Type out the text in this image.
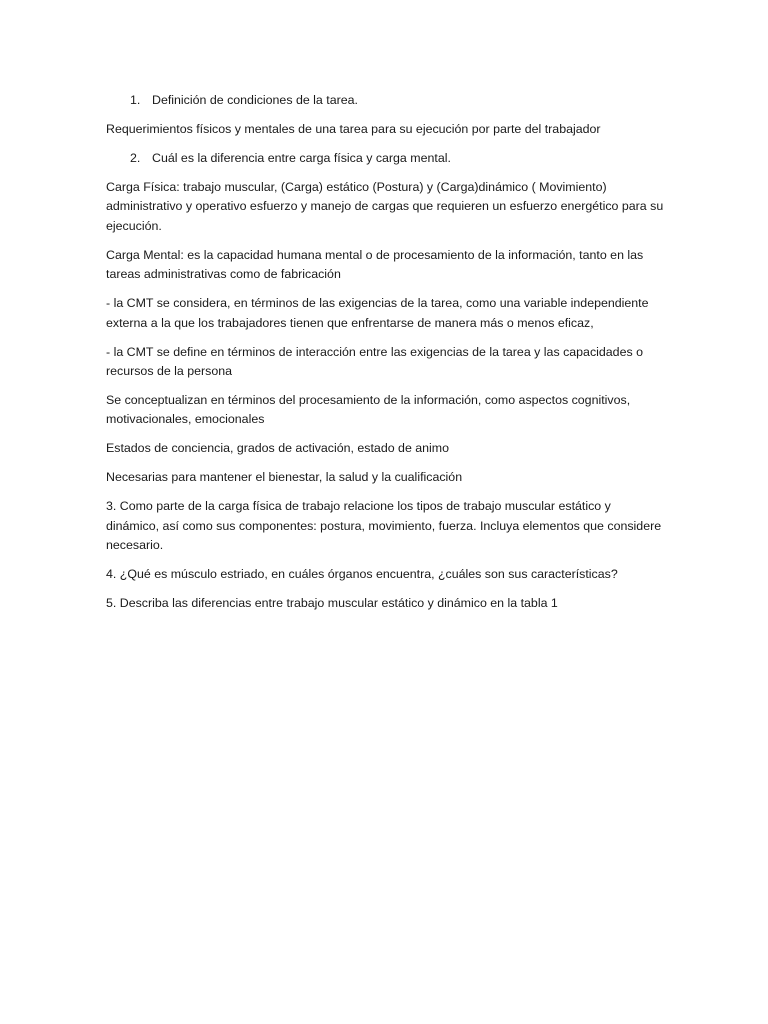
1. Definición de condiciones de la tarea.

Requerimientos físicos y mentales de una tarea para su ejecución por parte del trabajador

2. Cuál es la diferencia entre carga física y carga mental.

Carga Física: trabajo muscular, (Carga) estático (Postura) y (Carga)dinámico ( Movimiento) administrativo y operativo esfuerzo y manejo de cargas que requieren un esfuerzo energético para su ejecución.

Carga Mental: es la capacidad humana mental o de procesamiento de la información, tanto en las tareas administrativas como de fabricación

- la CMT se considera, en términos de las exigencias de la tarea, como una variable independiente externa a la que los trabajadores tienen que enfrentarse de manera más o menos eficaz,

- la CMT se define en términos de interacción entre las exigencias de la tarea y las capacidades o recursos de la persona

Se conceptualizan en términos del procesamiento de la información, como aspectos cognitivos, motivacionales, emocionales

Estados de conciencia, grados de activación, estado de animo

Necesarias para mantener el bienestar, la salud y la cualificación

3. Como parte de la carga física de trabajo relacione los tipos de trabajo muscular estático y dinámico, así como sus componentes: postura, movimiento, fuerza. Incluya elementos que considere necesario.

4. ¿Qué es músculo estriado, en cuáles órganos encuentra, ¿cuáles son sus características?

5. Describa las diferencias entre trabajo muscular estático y dinámico en la tabla 1
